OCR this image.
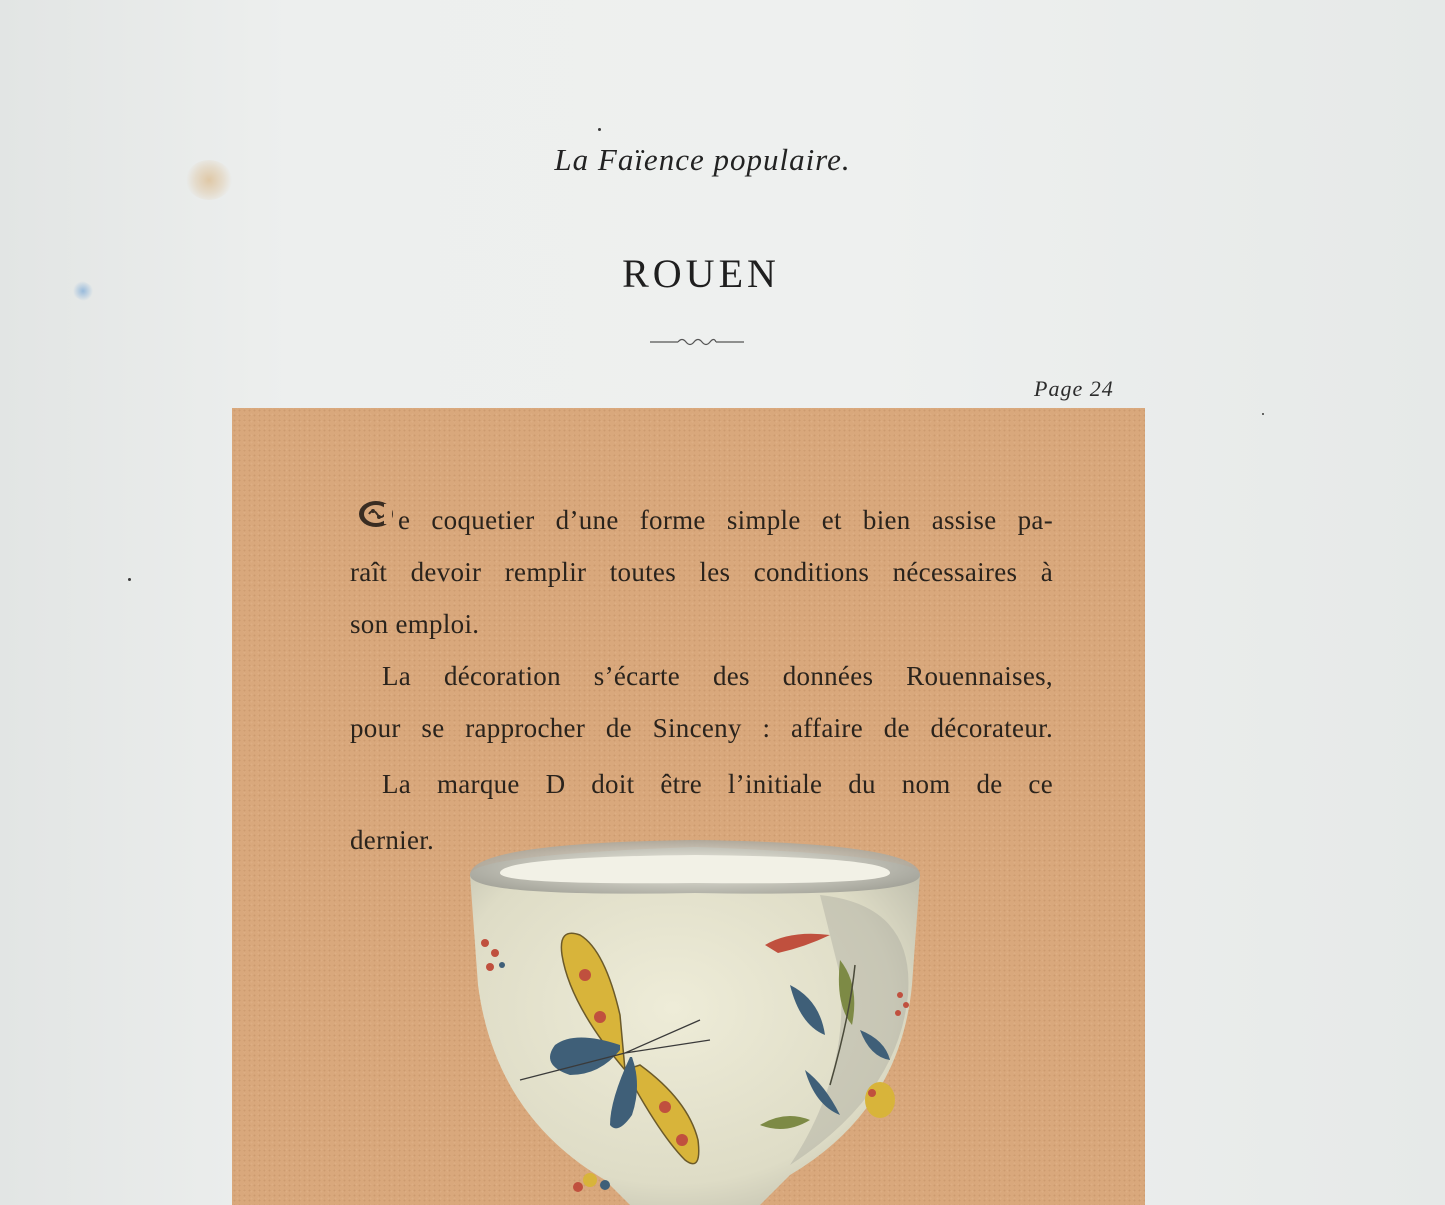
La Faïence populaire.
ROUEN
Page 24
e coquetier d’une forme simple et bien assise pa-
raît devoir remplir toutes les conditions nécessaires à
son emploi.
La décoration s’écarte des données Rouennaises,
pour se rapprocher de Sinceny : affaire de décorateur.
La marque D doit être l’initiale du nom de ce
dernier.
